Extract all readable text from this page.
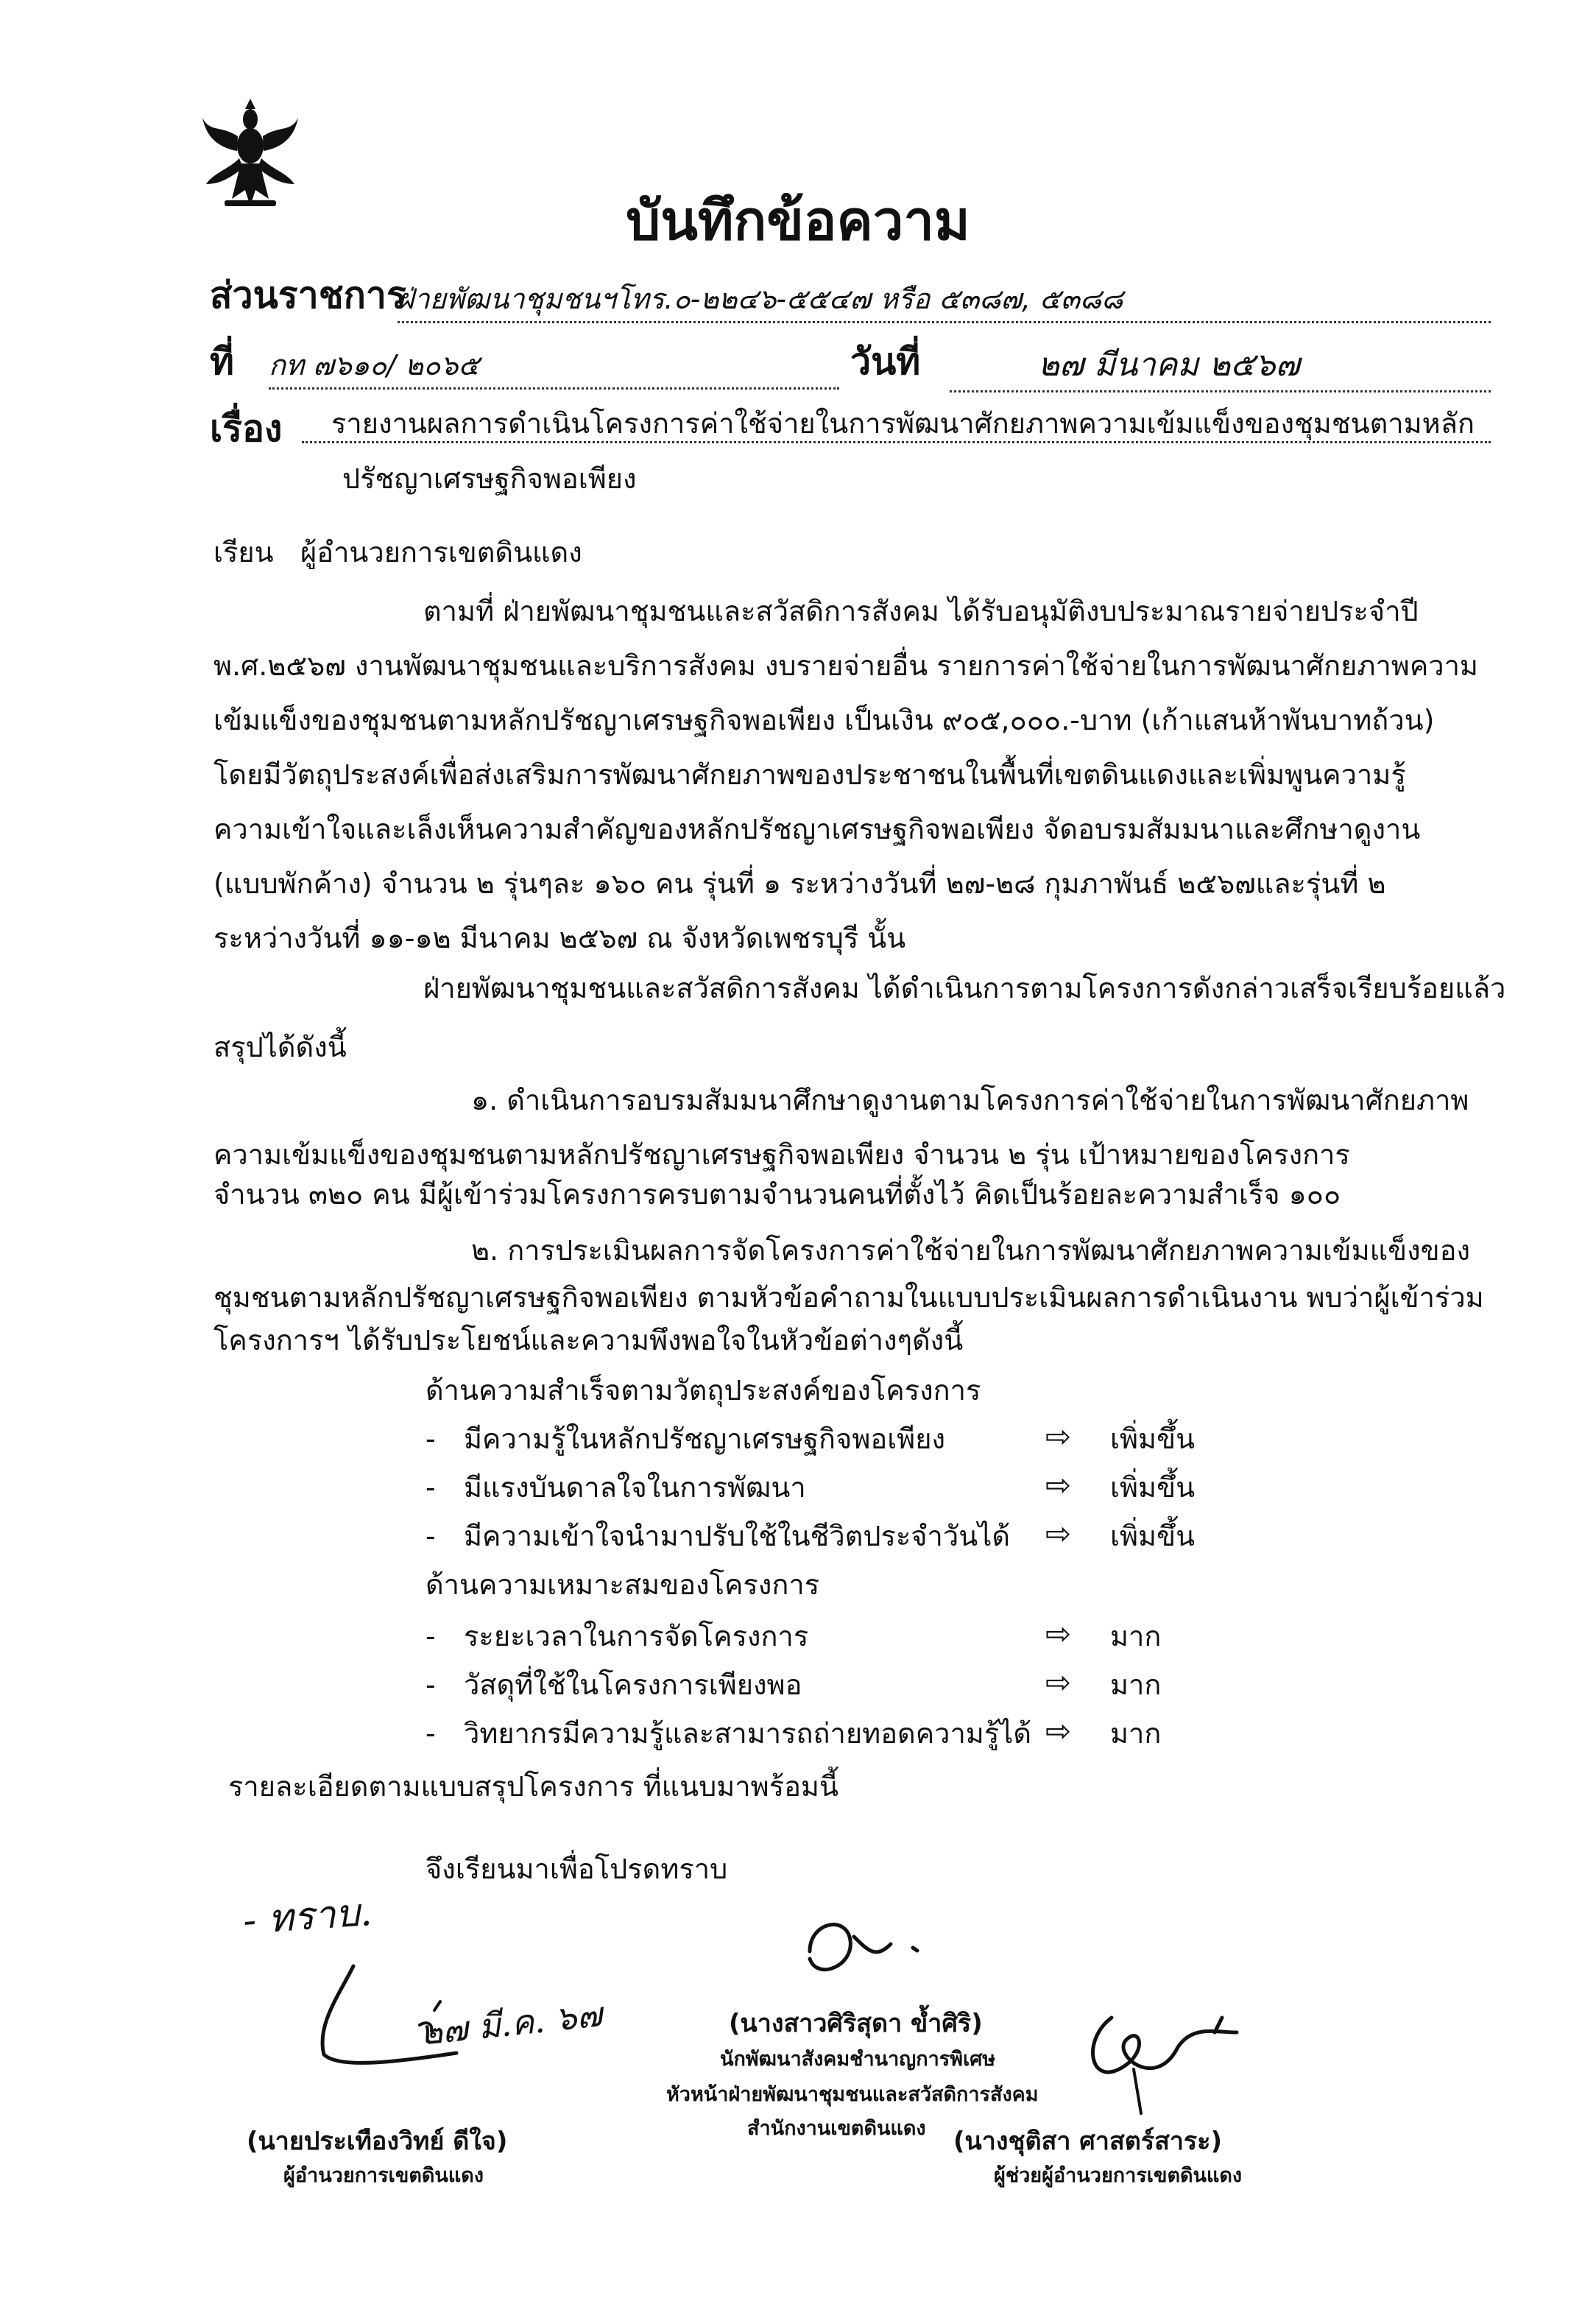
บันทึกข้อความ
ส่วนราชการ
ฝ่ายพัฒนาชุมชนฯโทร.๐-๒๒๔๖-๕๕๔๗ หรือ ๕๓๘๗, ๕๓๘๘
ที่ กท ๗๖๑๐/ ๒๐๖๕	วันที่	๒๗ มีนาคม ๒๕๖๗
เรื่อง	รายงานผลการดำเนินโครงการค่าใช้จ่ายในการพัฒนาศักยภาพความเข้มแข็งของชุมชนตามหลัก
ปรัชญาเศรษฐกิจพอเพียง
เรียน ผู้อำนวยการเขตดินแดง
ตามที่ ฝ่ายพัฒนาชุมชนและสวัสดิการสังคม ได้รับอนุมัติงบประมาณรายจ่ายประจำปี
พ.ศ.๒๕๖๗ งานพัฒนาชุมชนและบริการสังคม งบรายจ่ายอื่น รายการค่าใช้จ่ายในการพัฒนาศักยภาพความ
เข้มแข็งของชุมชนตามหลักปรัชญาเศรษฐกิจพอเพียง เป็นเงิน ๙๐๕,๐๐๐.-บาท (เก้าแสนห้าพันบาทถ้วน)
โดยมีวัตถุประสงค์เพื่อส่งเสริมการพัฒนาศักยภาพของประชาชนในพื้นที่เขตดินแดงและเพิ่มพูนความรู้
ความเข้าใจและเล็งเห็นความสำคัญของหลักปรัชญาเศรษฐกิจพอเพียง จัดอบรมสัมมนาและศึกษาดูงาน
(แบบพักค้าง) จำนวน ๒ รุ่นๆละ ๑๖๐ คน รุ่นที่ ๑ ระหว่างวันที่ ๒๗-๒๘ กุมภาพันธ์ ๒๕๖๗และรุ่นที่ ๒
ระหว่างวันที่ ๑๑-๑๒ มีนาคม ๒๕๖๗ ณ จังหวัดเพชรบุรี นั้น
ฝ่ายพัฒนาชุมชนและสวัสดิการสังคม ได้ดำเนินการตามโครงการดังกล่าวเสร็จเรียบร้อยแล้ว
สรุปได้ดังนี้
๑. ดำเนินการอบรมสัมมนาศึกษาดูงานตามโครงการค่าใช้จ่ายในการพัฒนาศักยภาพ
ความเข้มแข็งของชุมชนตามหลักปรัชญาเศรษฐกิจพอเพียง จำนวน ๒ รุ่น เป้าหมายของโครงการ
จำนวน ๓๒๐ คน มีผู้เข้าร่วมโครงการครบตามจำนวนคนที่ตั้งไว้ คิดเป็นร้อยละความสำเร็จ ๑๐๐
๒. การประเมินผลการจัดโครงการค่าใช้จ่ายในการพัฒนาศักยภาพความเข้มแข็งของ
ชุมชนตามหลักปรัชญาเศรษฐกิจพอเพียง ตามหัวข้อคำถามในแบบประเมินผลการดำเนินงาน พบว่าผู้เข้าร่วม
โครงการฯ ได้รับประโยชน์และความพึงพอใจในหัวข้อต่างๆดังนี้
ด้านความสำเร็จตามวัตถุประสงค์ของโครงการ
- มีความรู้ในหลักปรัชญาเศรษฐกิจพอเพียง	⇨ เพิ่มขึ้น
- มีแรงบันดาลใจในการพัฒนา	⇨ เพิ่มขึ้น
- มีความเข้าใจนำมาปรับใช้ในชีวิตประจำวันได้ ⇨ เพิ่มขึ้น
ด้านความเหมาะสมของโครงการ
- ระยะเวลาในการจัดโครงการ	⇨ มาก
- วัสดุที่ใช้ในโครงการเพียงพอ	⇨ มาก
- วิทยากรมีความรู้และสามารถถ่ายทอดความรู้ได้ ⇨ มาก
รายละเอียดตามแบบสรุปโครงการ ที่แนบมาพร้อมนี้
จึงเรียนมาเพื่อโปรดทราบ
- ทราบ.
๒๗ มี.ค. ๖๗
(นายประเทืองวิทย์ ดีใจ)
ผู้อำนวยการเขตดินแดง
(นางสาวศิริสุดา ข้ำศิริ)
นักพัฒนาสังคมชำนาญการพิเศษ
หัวหน้าฝ่ายพัฒนาชุมชนและสวัสดิการสังคม
สำนักงานเขตดินแดง (นางชุติสา ศาสตร์สาระ)
ผู้ช่วยผู้อำนวยการเขตดินแดง
